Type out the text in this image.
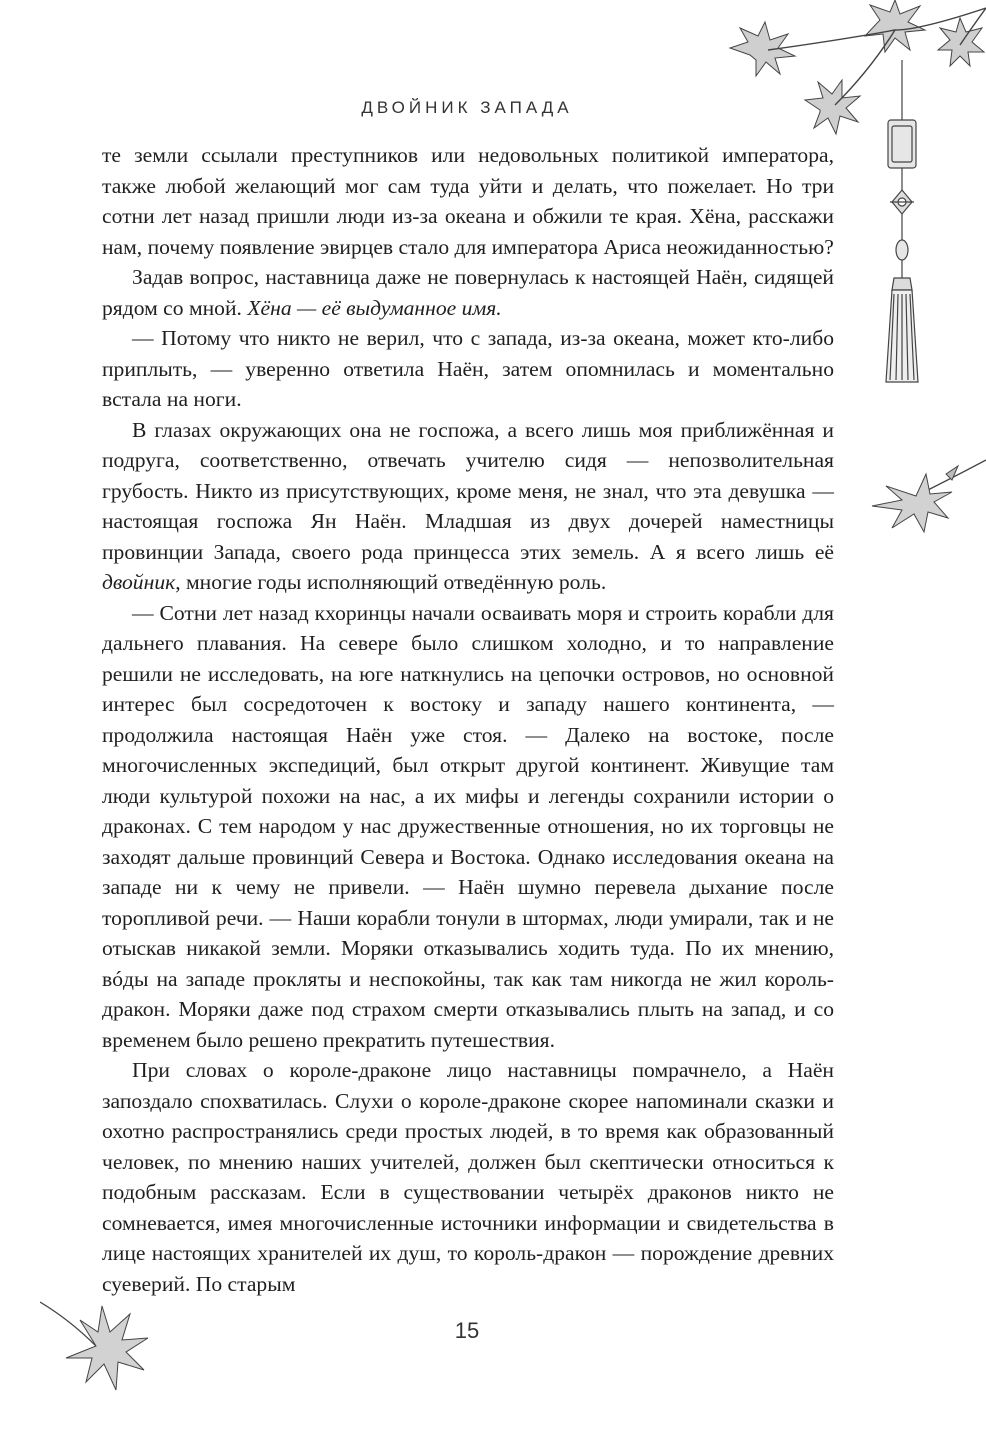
ДВОЙНИК ЗАПАДА

те земли ссылали преступников или недовольных политикой императора, также любой желающий мог сам туда уйти и делать, что пожелает. Но три сотни лет назад пришли люди из-за океана и обжили те края. Хёна, расскажи нам, почему появление эвирцев стало для императора Ариса неожиданностью?

Задав вопрос, наставница даже не повернулась к настоящей Наён, сидящей рядом со мной. Хёна — её выдуманное имя.

— Потому что никто не верил, что с запада, из-за океана, может кто-либо приплыть, — уверенно ответила Наён, затем опомнилась и моментально встала на ноги.

В глазах окружающих она не госпожа, а всего лишь моя приближённая и подруга, соответственно, отвечать учителю сидя — непозволительная грубость. Никто из присутствующих, кроме меня, не знал, что эта девушка — настоящая госпожа Ян Наён. Младшая из двух дочерей наместницы провинции Запада, своего рода принцесса этих земель. А я всего лишь её двойник, многие годы исполняющий отведённую роль.

— Сотни лет назад кхоринцы начали осваивать моря и строить корабли для дальнего плавания. На севере было слишком холодно, и то направление решили не исследовать, на юге наткнулись на цепочки островов, но основной интерес был сосредоточен к востоку и западу нашего континента, — продолжила настоящая Наён уже стоя. — Далеко на востоке, после многочисленных экспедиций, был открыт другой континент. Живущие там люди культурой похожи на нас, а их мифы и легенды сохранили истории о драконах. С тем народом у нас дружественные отношения, но их торговцы не заходят дальше провинций Севера и Востока. Однако исследования океана на западе ни к чему не привели. — Наён шумно перевела дыхание после торопливой речи. — Наши корабли тонули в штормах, люди умирали, так и не отыскав никакой земли. Моряки отказывались ходить туда. По их мнению, вóды на западе прокляты и неспокойны, так как там никогда не жил король-дракон. Моряки даже под страхом смерти отказывались плыть на запад, и со временем было решено прекратить путешествия.

При словах о короле-драконе лицо наставницы помрачнело, а Наён запоздало спохватилась. Слухи о короле-драконе скорее напоминали сказки и охотно распространялись среди простых людей, в то время как образованный человек, по мнению наших учителей, должен был скептически относиться к подобным рассказам. Если в существовании четырёх драконов никто не сомневается, имея многочисленные источники информации и свидетельства в лице настоящих хранителей их душ, то король-дракон — порождение древних суеверий. По старым

15
